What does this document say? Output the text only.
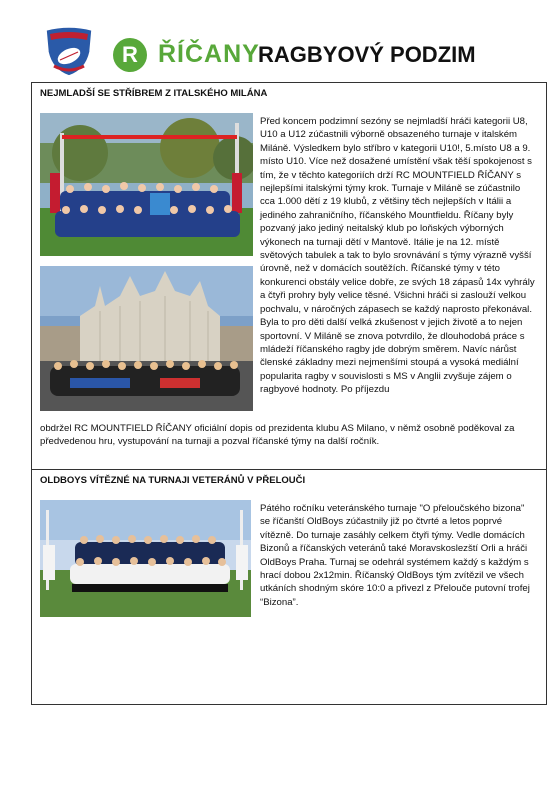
R ŘÍČANY
RAGBYOVÝ PODZIM
NEJMLADŠÍ SE STŘÍBREM Z ITALSKÉHO MILÁNA
Před koncem podzimní sezóny se nejmladší hráči kategorii U8, U10 a U12 zúčastnili výborně obsazeného turnaje v italském Miláně. Výsledkem bylo stříbro v kategorii U10!, 5.místo U8 a 9. místo U10. Více než dosažené umístění však těší spokojenost s tím, že v těchto kategoriích drží RC MOUNTFIELD ŘÍČANY s nejlepšími italskými týmy krok. Turnaje v Miláně se zúčastnilo cca 1.000 dětí z 19 klubů, z většiny těch nejlepších v Itálii a jediného zahraničního, říčanského Mountfieldu. Říčany byly pozvaný jako jediný neitalský klub po loňských výborných výkonech na turnaji dětí v Mantově. Itálie je na 12. místě světových tabulek a tak to bylo srovnávání s týmy výrazně vyšší úrovně, než v domácích soutěžích. Říčanské týmy v této konkurenci obstály velice dobře, ze svých 18 zápasů 14x vyhrály a čtyři prohry byly velice těsné. Všichni hráči si zaslouží velkou pochvalu, v náročných zápasech se každý naprosto překonával. Byla to pro děti další velká zkušenost v jejich životě a to nejen sportovní. V Miláně se znova potvrdilo, že dlouhodobá práce s mládeží říčanského ragby jde dobrým směrem. Navíc nárůst členské základny mezi nejmenšími stoupá a vysoká mediální popularita ragby v souvislosti s MS v Anglii zvyšuje zájem o ragbyové hodnoty. Po příjezdu
obdržel RC MOUNTFIELD ŘÍČANY oficiální dopis od prezidenta klubu AS Milano, v němž osobně poděkoval za předvedenou hru, vystupování na turnaji a pozval říčanské týmy na další ročník.
OLDBOYS VÍTĚZNÉ NA TURNAJI VETERÁNŮ V PŘELOUČI
Pátého ročníku veteránského turnaje "O přeloučského bizona" se říčanští OldBoys zúčastnily již po čtvrté a letos poprvé vítězně. Do turnaje zasáhly celkem čtyři týmy. Vedle domácích Bizonů a říčanských veteránů také Moravskoslezští Orli a hráči OldBoys Praha. Turnaj se odehrál systémem každý s každým s hrací dobou 2x12min. Říčanský OldBoys tým zvítězil ve všech utkáních shodným skóre 10:0 a přivezl z Přelouče putovní trofej “Bizona”.
